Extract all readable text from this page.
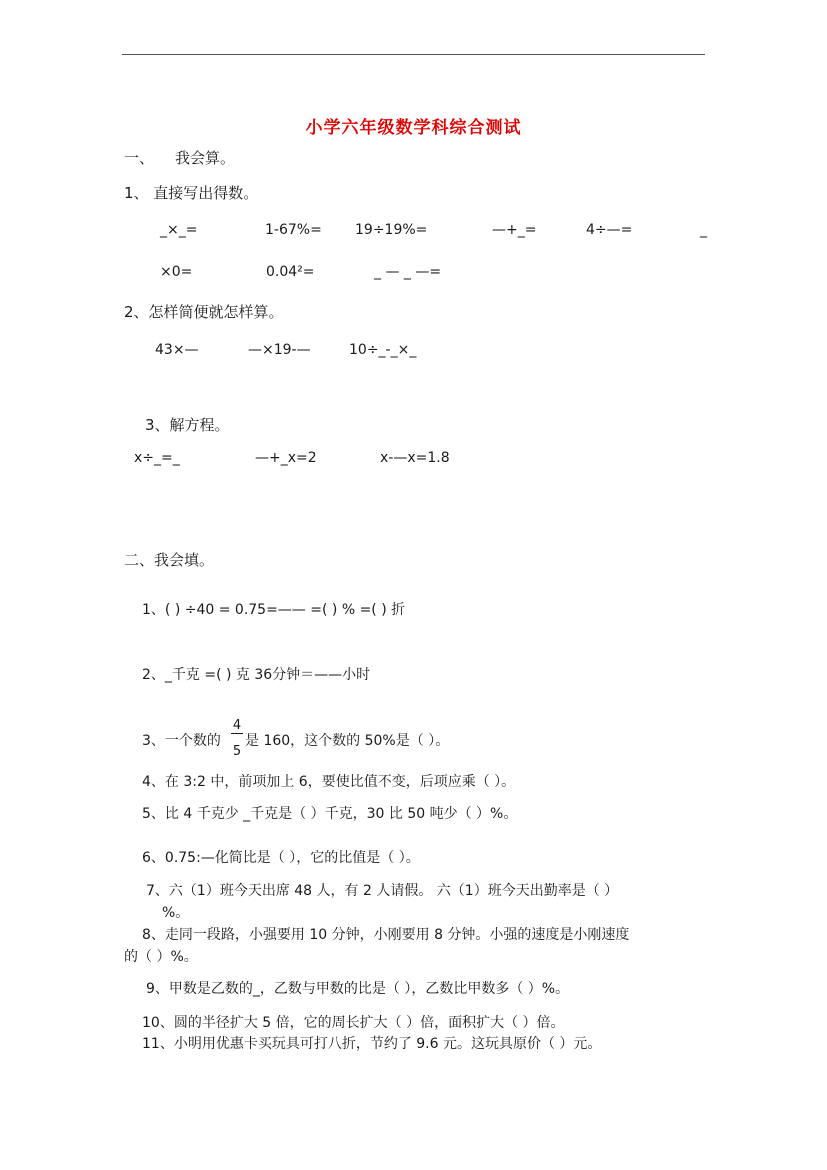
小学六年级数学科综合测试
一、 我会算。
1、 直接写出得数。
_×_=	1-67%= 19÷19%=	—+_=	4÷—=	_
×0=	0.04²=	_ — _ —=
2、怎样简便就怎样算。
43×—	—×19-—	10÷_-_×_
3、解方程。
x÷_=_	—+_x=2	x-—x=1.8
二、我会填。
1、( ) ÷40 = 0.75=—— =( ) % =( ) 折
2、_千克 =( ) 克 36分钟＝——小时
3、一个数的
4
5
是 160，这个数的 50%是（ ）。
4、在 3:2 中，前项加上 6，要使比值不变，后项应乘（ ）。
5、比 4 千克少 _千克是（ ）千克，30 比 50 吨少（ ）%。
6、0.75:—化简比是（ ），它的比值是（ ）。
7、六（1）班今天出席 48 人，有 2 人请假。 六（1）班今天出勤率是（ ）
%。
8、走同一段路，小强要用 10 分钟，小刚要用 8 分钟。小强的速度是小刚速度
的（ ）%。
9、甲数是乙数的_，乙数与甲数的比是（ ），乙数比甲数多（ ）%。
10、圆的半径扩大 5 倍，它的周长扩大（ ）倍，面积扩大（ ）倍。
11、小明用优惠卡买玩具可打八折，节约了 9.6 元。这玩具原价（ ）元。
